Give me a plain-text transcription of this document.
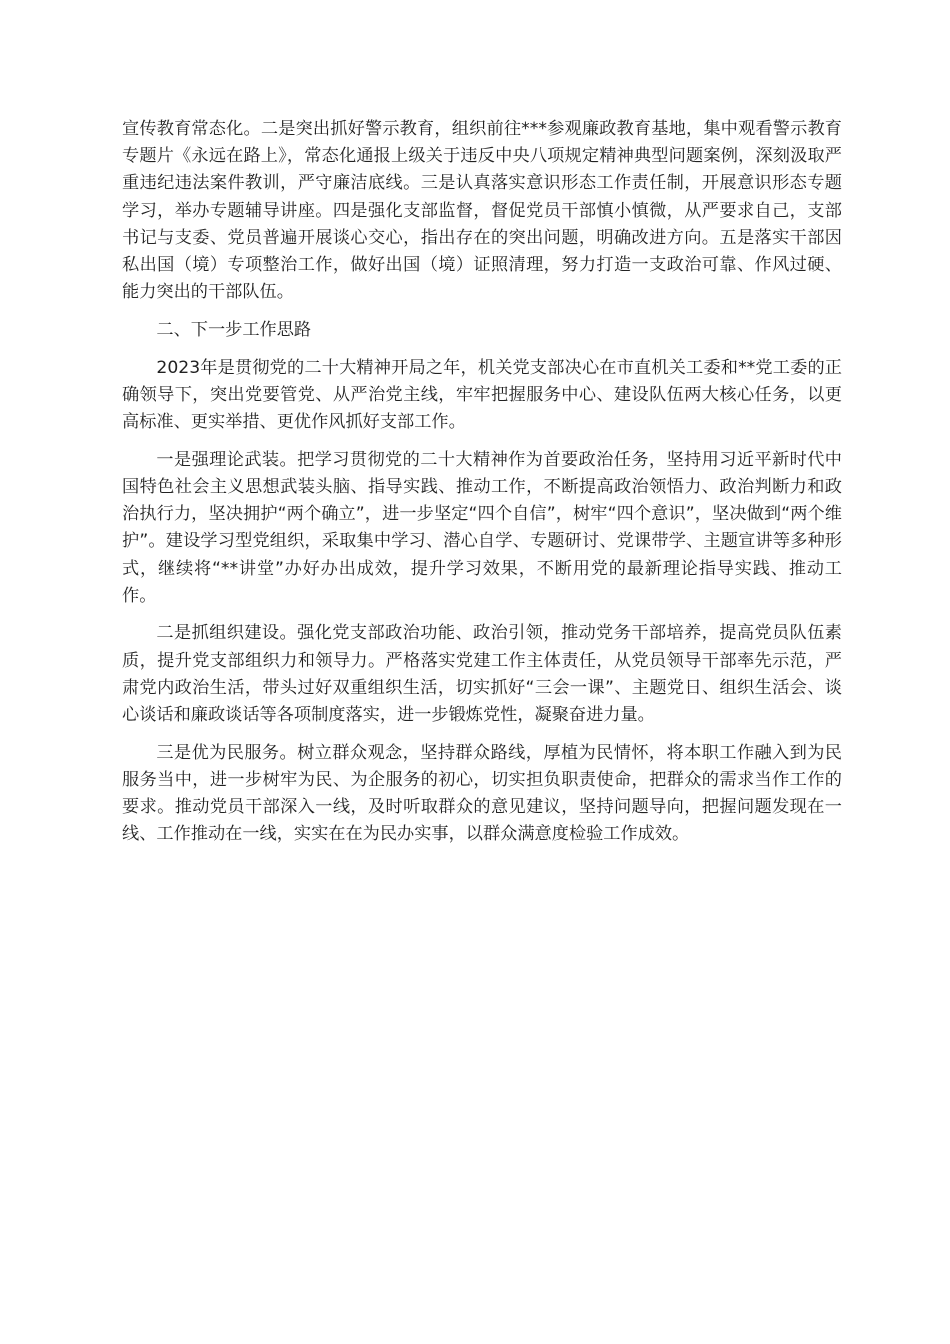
宣传教育常态化。二是突出抓好警示教育，组织前往***参观廉政教育基地，集中观看警示教育专题片《永远在路上》，常态化通报上级关于违反中央八项规定精神典型问题案例，深刻汲取严重违纪违法案件教训，严守廉洁底线。三是认真落实意识形态工作责任制，开展意识形态专题学习，举办专题辅导讲座。四是强化支部监督，督促党员干部慎小慎微，从严要求自己，支部书记与支委、党员普遍开展谈心交心，指出存在的突出问题，明确改进方向。五是落实干部因私出国（境）专项整治工作，做好出国（境）证照清理，努力打造一支政治可靠、作风过硬、能力突出的干部队伍。

二、下一步工作思路

2023年是贯彻党的二十大精神开局之年，机关党支部决心在市直机关工委和**党工委的正确领导下，突出党要管党、从严治党主线，牢牢把握服务中心、建设队伍两大核心任务，以更高标准、更实举措、更优作风抓好支部工作。

一是强理论武装。把学习贯彻党的二十大精神作为首要政治任务，坚持用习近平新时代中国特色社会主义思想武装头脑、指导实践、推动工作，不断提高政治领悟力、政治判断力和政治执行力，坚决拥护“两个确立”，进一步坚定“四个自信”，树牢“四个意识”，坚决做到“两个维护”。建设学习型党组织，采取集中学习、潜心自学、专题研讨、党课带学、主题宣讲等多种形式，继续将“**讲堂”办好办出成效，提升学习效果，不断用党的最新理论指导实践、推动工作。

二是抓组织建设。强化党支部政治功能、政治引领，推动党务干部培养，提高党员队伍素质，提升党支部组织力和领导力。严格落实党建工作主体责任，从党员领导干部率先示范，严肃党内政治生活，带头过好双重组织生活，切实抓好“三会一课”、主题党日、组织生活会、谈心谈话和廉政谈话等各项制度落实，进一步锻炼党性，凝聚奋进力量。

三是优为民服务。树立群众观念，坚持群众路线，厚植为民情怀，将本职工作融入到为民服务当中，进一步树牢为民、为企服务的初心，切实担负职责使命，把群众的需求当作工作的要求。推动党员干部深入一线，及时听取群众的意见建议，坚持问题导向，把握问题发现在一线、工作推动在一线，实实在在为民办实事，以群众满意度检验工作成效。
